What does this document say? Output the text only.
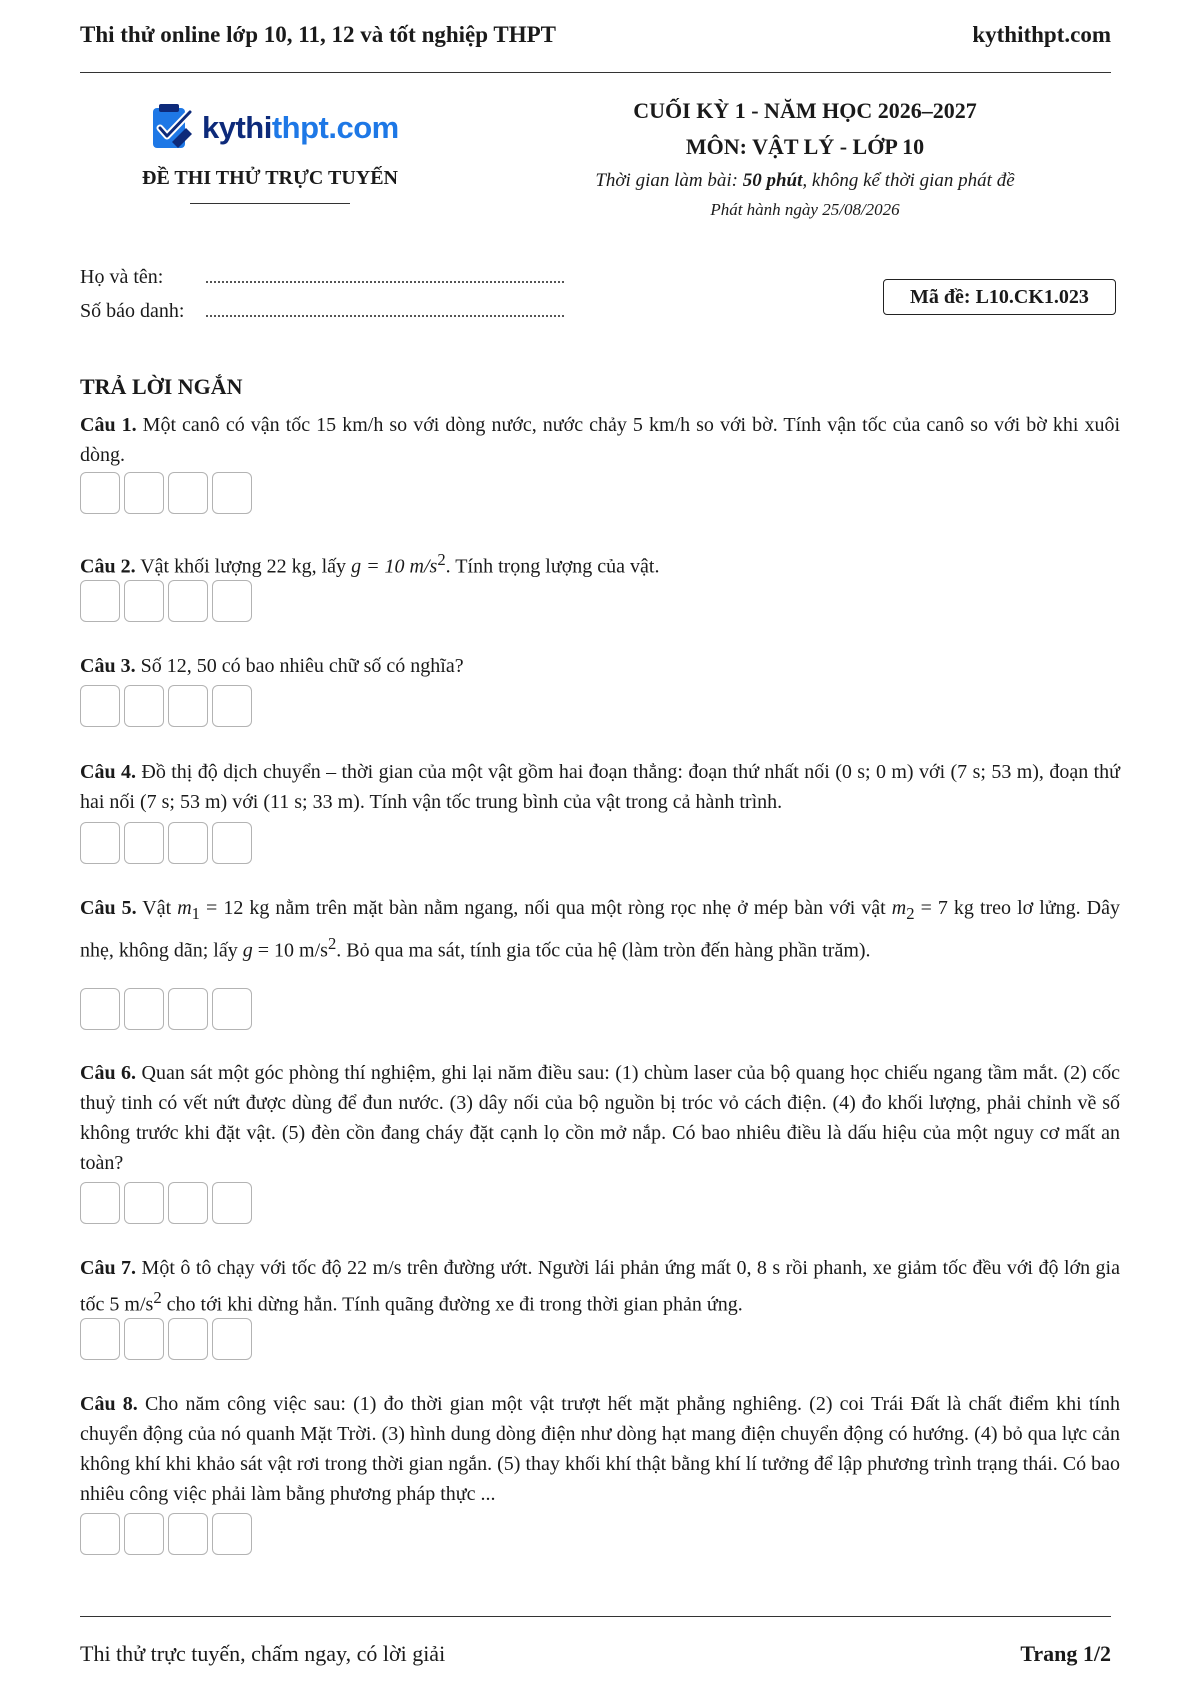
Thi thử online lớp 10, 11, 12 và tốt nghiệp THPT	kythithpt.com
kythithpt.com
ĐỀ THI THỬ TRỰC TUYẾN
CUỐI KỲ 1 - NĂM HỌC 2026–2027
MÔN: VẬT LÝ - LỚP 10
Thời gian làm bài: 50 phút, không kể thời gian phát đề
Phát hành ngày 25/08/2026
Họ và tên:
Số báo danh:
Mã đề: L10.CK1.023
TRẢ LỜI NGẮN
Câu 1. Một canô có vận tốc 15 km/h so với dòng nước, nước chảy 5 km/h so với bờ. Tính vận tốc của canô so với bờ khi xuôi dòng.
Câu 2. Vật khối lượng 22 kg, lấy g = 10 $m/s^2$. Tính trọng lượng của vật.
Câu 3. Số 12, 50 có bao nhiêu chữ số có nghĩa?
Câu 4. Đồ thị độ dịch chuyển – thời gian của một vật gồm hai đoạn thẳng: đoạn thứ nhất nối (0 s; 0 m) với (7 s; 53 m), đoạn thứ hai nối (7 s; 53 m) với (11 s; 33 m). Tính vận tốc trung bình của vật trong cả hành trình.
Câu 5. Vật $m_1 = 12$ kg nằm trên mặt bàn nằm ngang, nối qua một ròng rọc nhẹ ở mép bàn với vật $m_2 = 7$ kg treo lơ lửng. Dây nhẹ, không dãn; lấy g = 10 $m/s^2$. Bỏ qua ma sát, tính gia tốc của hệ (làm tròn đến hàng phần trăm).
Câu 6. Quan sát một góc phòng thí nghiệm, ghi lại năm điều sau: (1) chùm laser của bộ quang học chiếu ngang tầm mắt. (2) cốc thuỷ tinh có vết nứt được dùng để đun nước. (3) dây nối của bộ nguồn bị tróc vỏ cách điện. (4) đo khối lượng, phải chỉnh về số không trước khi đặt vật. (5) đèn cồn đang cháy đặt cạnh lọ cồn mở nắp. Có bao nhiêu điều là dấu hiệu của một nguy cơ mất an toàn?
Câu 7. Một ô tô chạy với tốc độ 22 m/s trên đường ướt. Người lái phản ứng mất 0, 8 s rồi phanh, xe giảm tốc đều với độ lớn gia tốc 5 $m/s^2$ cho tới khi dừng hẳn. Tính quãng đường xe đi trong thời gian phản ứng.
Câu 8. Cho năm công việc sau: (1) đo thời gian một vật trượt hết mặt phẳng nghiêng. (2) coi Trái Đất là chất điểm khi tính chuyển động của nó quanh Mặt Trời. (3) hình dung dòng điện như dòng hạt mang điện chuyển động có hướng. (4) bỏ qua lực cản không khí khi khảo sát vật rơi trong thời gian ngắn. (5) thay khối khí thật bằng khí lí tưởng để lập phương trình trạng thái. Có bao nhiêu công việc phải làm bằng phương pháp thực ...
Thi thử trực tuyến, chấm ngay, có lời giải	Trang 1/2
